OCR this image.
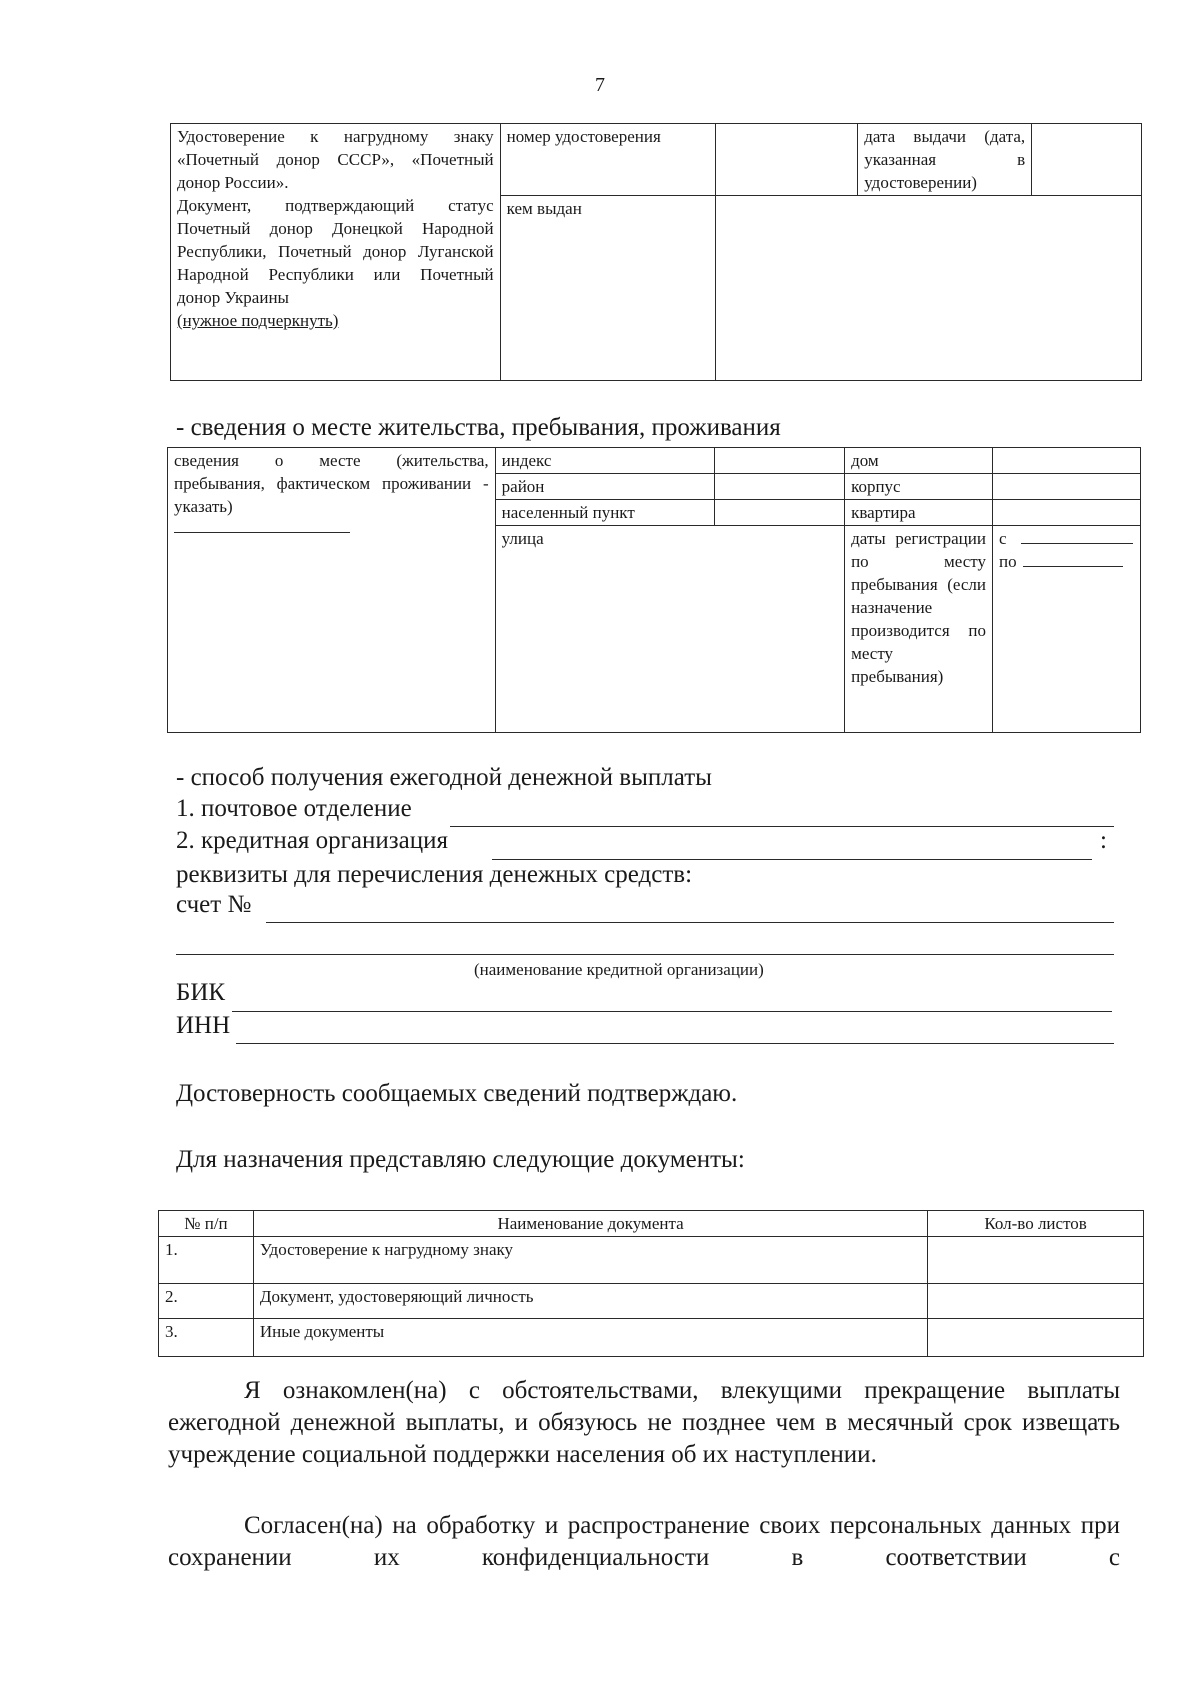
7
Удостоверение к нагрудному знаку «Почетный донор СССР», «Почетный донор России».
Документ, подтверждающий статус Почетный донор Донецкой Народной Республики, Почетный донор Луганской Народной Республики или Почетный донор Украины
(нужное подчеркнуть)	номер удостоверения		дата выдачи (дата, указанная в удостоверении)	
	кем выдан			
- сведения о месте жительства, пребывания, проживания
сведения о месте (жительства, пребывания, фактическом проживании - указать)	индекс		дом	
	район		корпус	
	населенный пункт		квартира	
	улица		даты регистрации по месту пребывания (если назначение производится по месту пребывания)	с
по
- способ получения ежегодной денежной выплаты
1. почтовое отделение
2. кредитная организация	:
реквизиты для перечисления денежных средств:
счет №
(наименование кредитной организации)
БИК
ИНН
Достоверность сообщаемых сведений подтверждаю.
Для назначения представляю следующие документы:
№ п/п	Наименование документа	Кол-во листов
1.	Удостоверение к нагрудному знаку	
2.	Документ, удостоверяющий личность	
3.	Иные документы	
Я ознакомлен(на) с обстоятельствами, влекущими прекращение выплаты ежегодной денежной выплаты, и обязуюсь не позднее чем в месячный срок извещать учреждение социальной поддержки населения об их наступлении.
Согласен(на) на обработку и распространение своих персональных данных при сохранении их конфиденциальности в соответствии с
